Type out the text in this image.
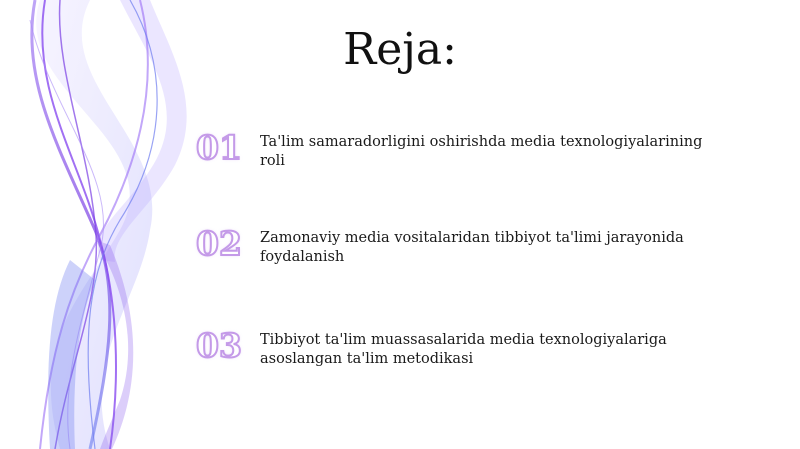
Reja:
01	Ta'lim samaradorligini oshirishda media texnologiyalarining roli
02	Zamonaviy media vositalaridan tibbiyot ta'limi jarayonida foydalanish
03	Tibbiyot ta'lim muassasalarida media texnologiyalariga asoslangan ta'lim metodikasi
